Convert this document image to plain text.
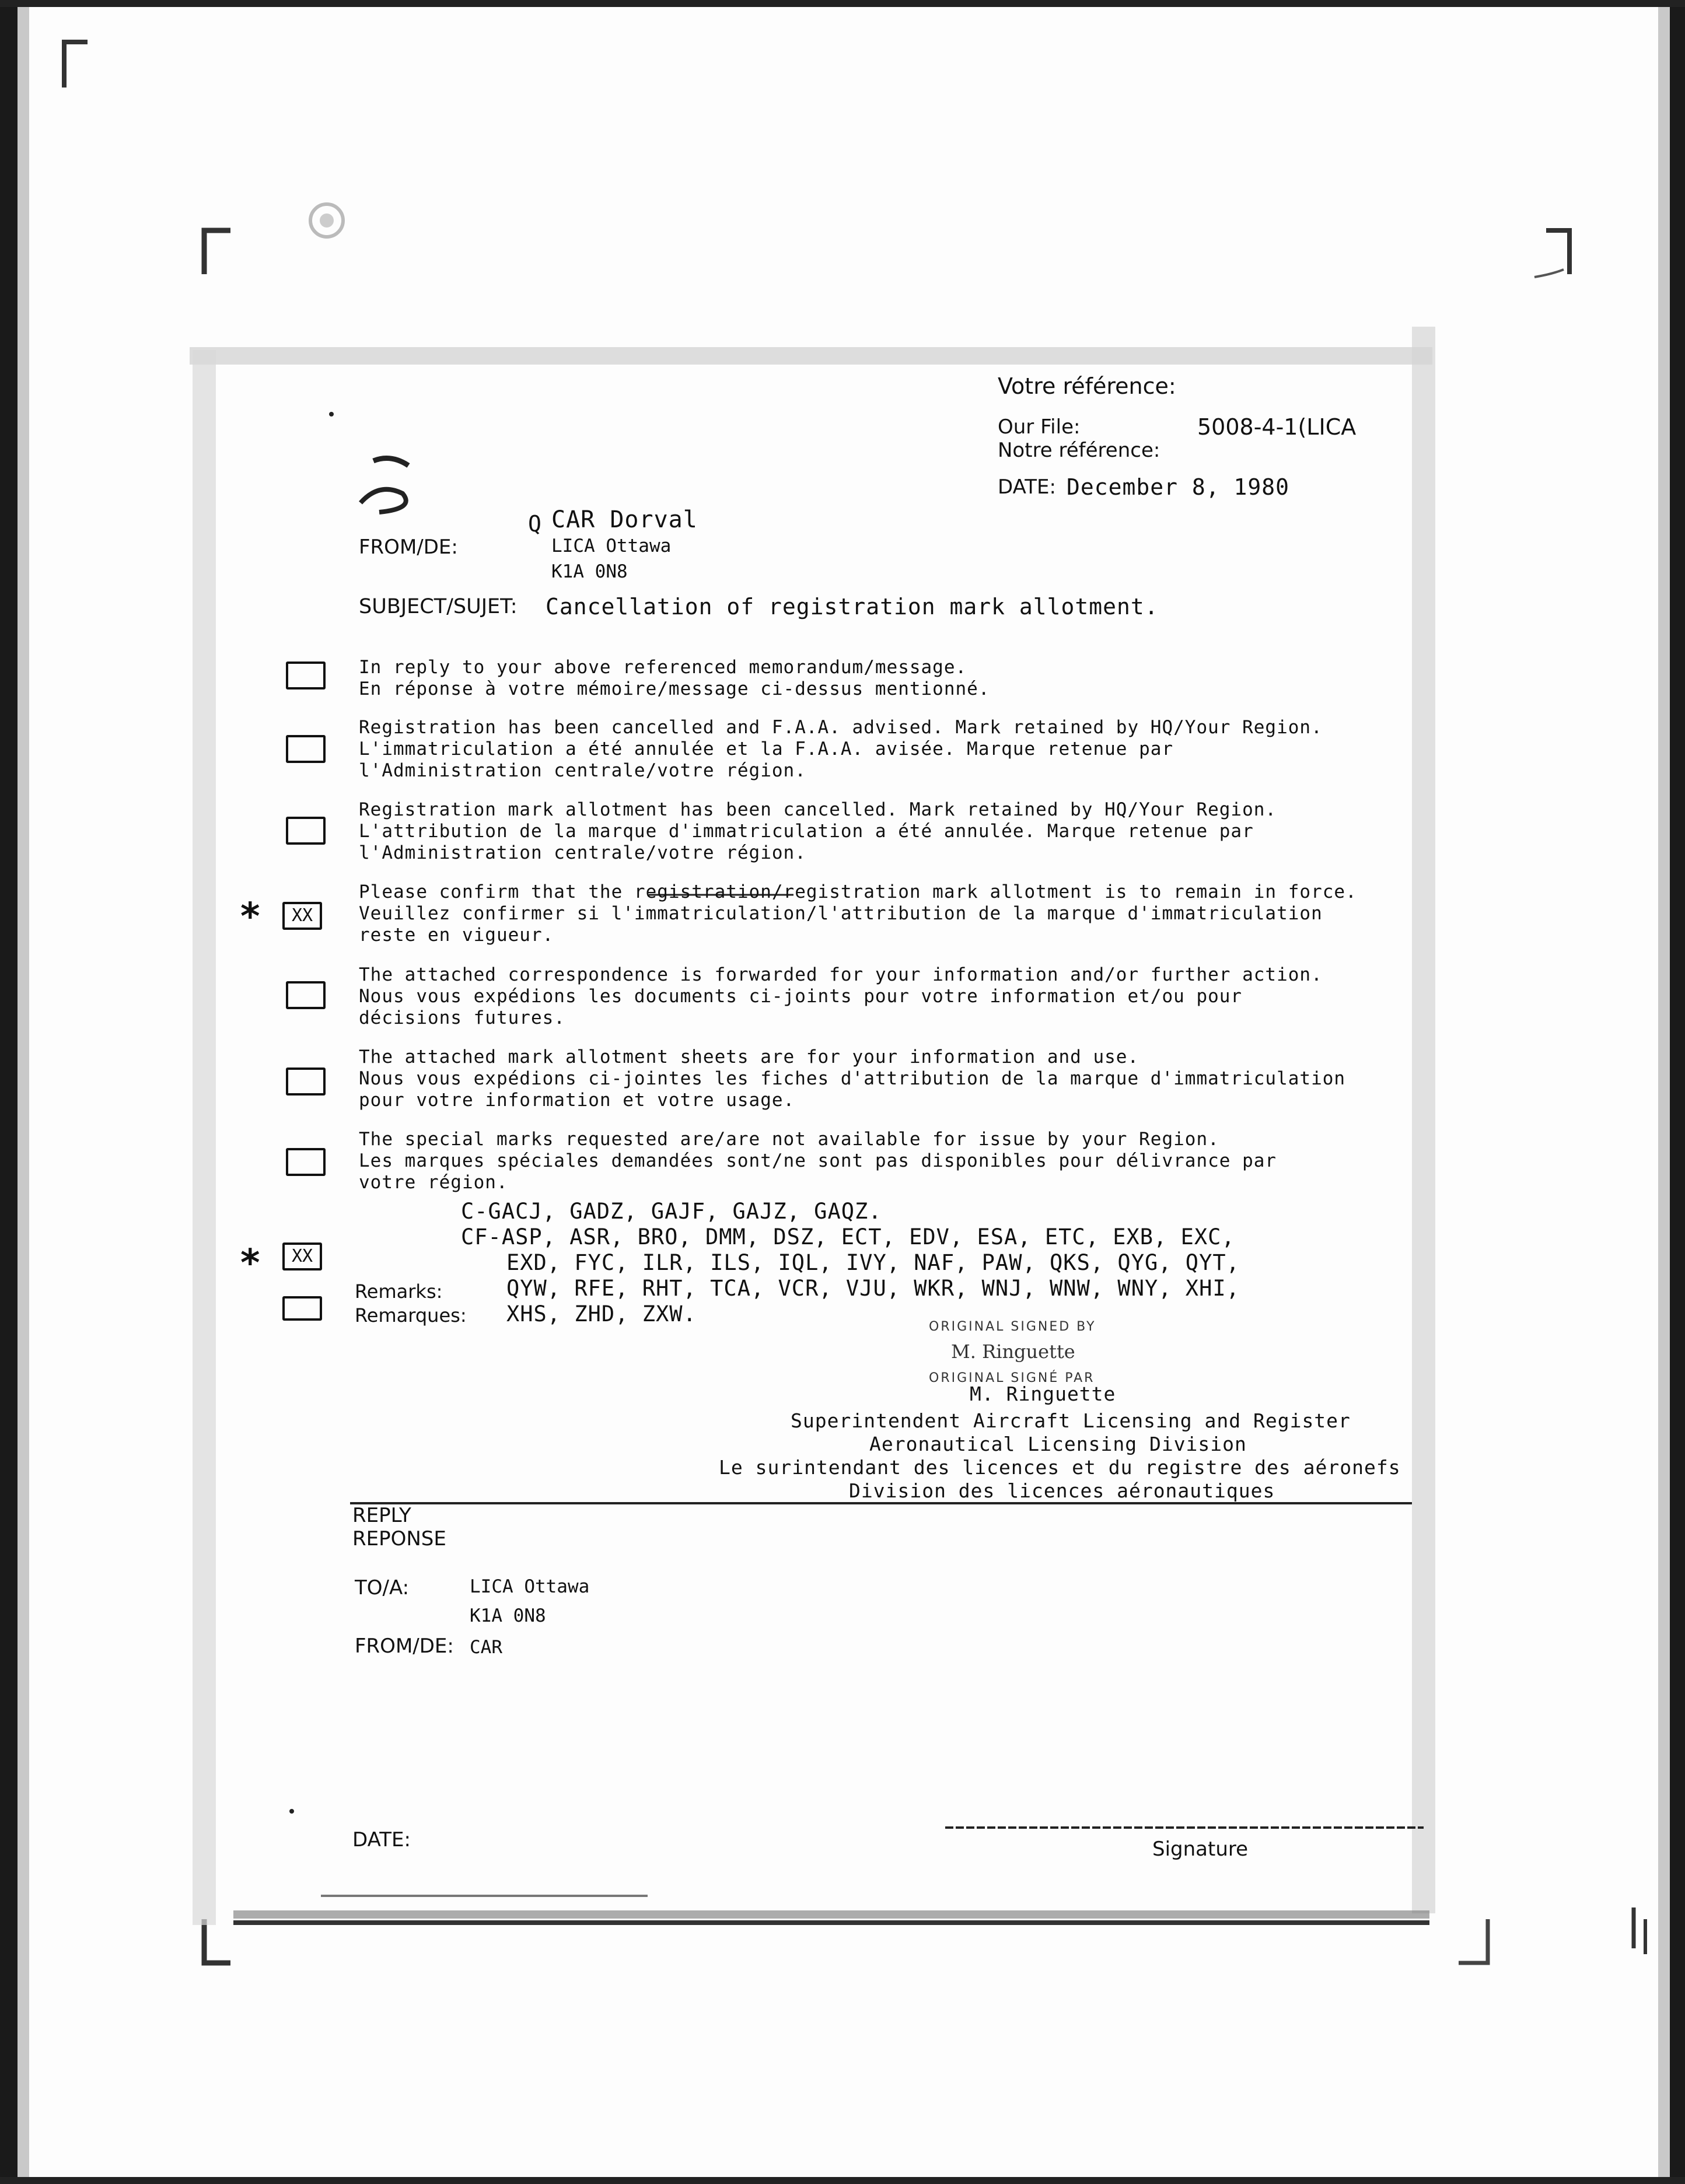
Votre référence:
Our File:	5008-4-1(LICA
Notre référence:
DATE: December 8, 1980
Q CAR Dorval
FROM/DE:	LICA Ottawa
K1A 0N8
SUBJECT/SUJET: Cancellation of registration mark allotment.
In reply to your above referenced memorandum/message.
En réponse à votre mémoire/message ci-dessus mentionné.
Registration has been cancelled and F.A.A. advised. Mark retained by HQ/Your Region.
L'immatriculation a été annulée et la F.A.A. avisée. Marque retenue par
l'Administration centrale/votre région.
Registration mark allotment has been cancelled. Mark retained by HQ/Your Region.
L'attribution de la marque d'immatriculation a été annulée. Marque retenue par
l'Administration centrale/votre région.
*	XX
Please confirm that the registration/registration mark allotment is to remain in force.
Veuillez confirmer si l'immatriculation/l'attribution de la marque d'immatriculation
reste en vigueur.
The attached correspondence is forwarded for your information and/or further action.
Nous vous expédions les documents ci-joints pour votre information et/ou pour
décisions futures.
The attached mark allotment sheets are for your information and use.
Nous vous expédions ci-jointes les fiches d'attribution de la marque d'immatriculation
pour votre information et votre usage.
The special marks requested are/are not available for issue by your Region.
Les marques spéciales demandées sont/ne sont pas disponibles pour délivrance par
votre région.
*	XX
Remarks:
Remarques:
C-GACJ, GADZ, GAJF, GAJZ, GAQZ.
CF-ASP, ASR, BRO, DMM, DSZ, ECT, EDV, ESA, ETC, EXB, EXC,
EXD, FYC, ILR, ILS, IQL, IVY, NAF, PAW, QKS, QYG, QYT,
QYW, RFE, RHT, TCA, VCR, VJU, WKR, WNJ, WNW, WNY, XHI,
XHS, ZHD, ZXW.
ORIGINAL SIGNED BY
M. Ringuette
ORIGINAL SIGNÉ PAR
M. Ringuette
Superintendent Aircraft Licensing and Register
Aeronautical Licensing Division
Le surintendant des licences et du registre des aéronefs
Division des licences aéronautiques
REPLY
REPONSE
TO/A:	LICA Ottawa
K1A 0N8
FROM/DE: CAR
DATE:	Signature
